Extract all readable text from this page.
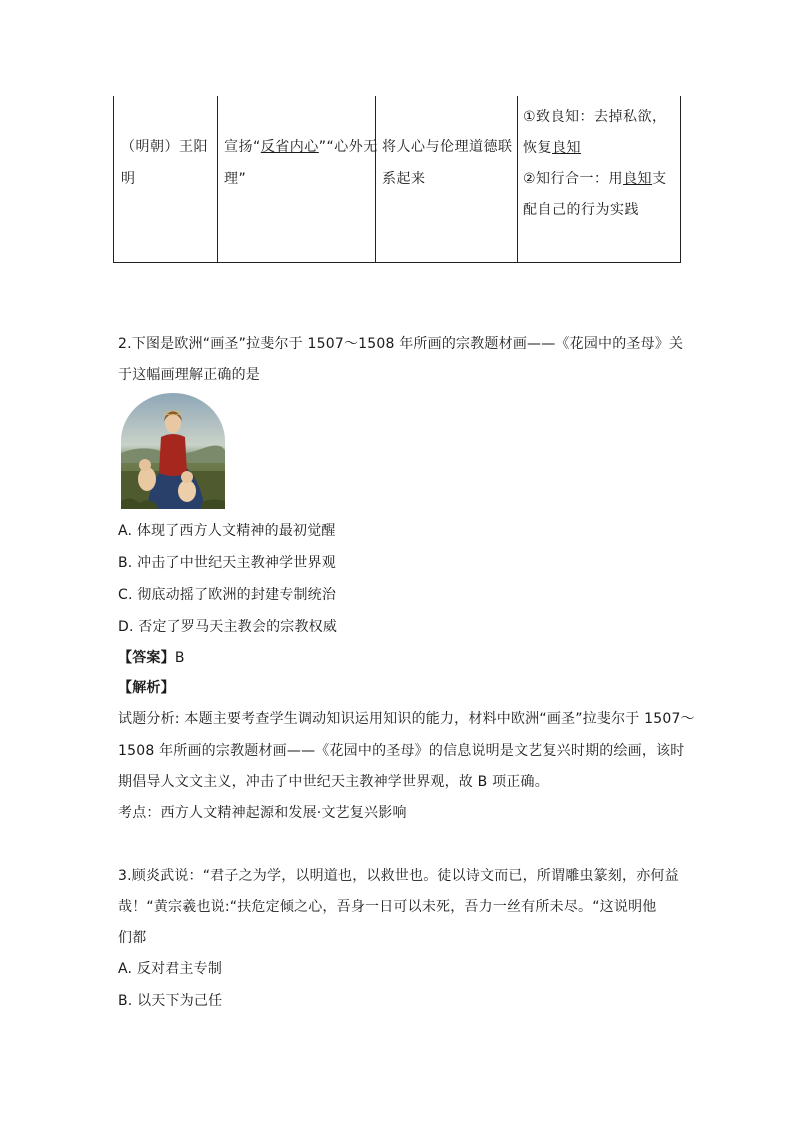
（明朝）王阳
明
宣扬“反省内心”“心外无
理”
将人心与伦理道德联
系起来
①致良知：去掉私欲，
恢复良知
②知行合一：用良知支
配自己的行为实践
2.下图是欧洲“画圣”拉斐尔于 1507～1508 年所画的宗教题材画——《花园中的圣母》关
于这幅画理解正确的是
A. 体现了西方人文精神的最初觉醒
B. 冲击了中世纪天主教神学世界观
C. 彻底动摇了欧洲的封建专制统治
D. 否定了罗马天主教会的宗教权威
【答案】B
【解析】
试题分析: 本题主要考查学生调动知识运用知识的能力，材料中欧洲“画圣”拉斐尔于 1507～
1508 年所画的宗教题材画——《花园中的圣母》的信息说明是文艺复兴时期的绘画，该时
期倡导人文文主义，冲击了中世纪天主教神学世界观，故 B 项正确。
考点：西方人文精神起源和发展·文艺复兴影响
3.顾炎武说：“君子之为学，以明道也，以救世也。徒以诗文而已，所谓雕虫篆刻，亦何益
哉！“黄宗羲也说:“扶危定倾之心，吾身一日可以未死，吾力一丝有所未尽。“这说明他
们都
A. 反对君主专制
B. 以天下为己任
